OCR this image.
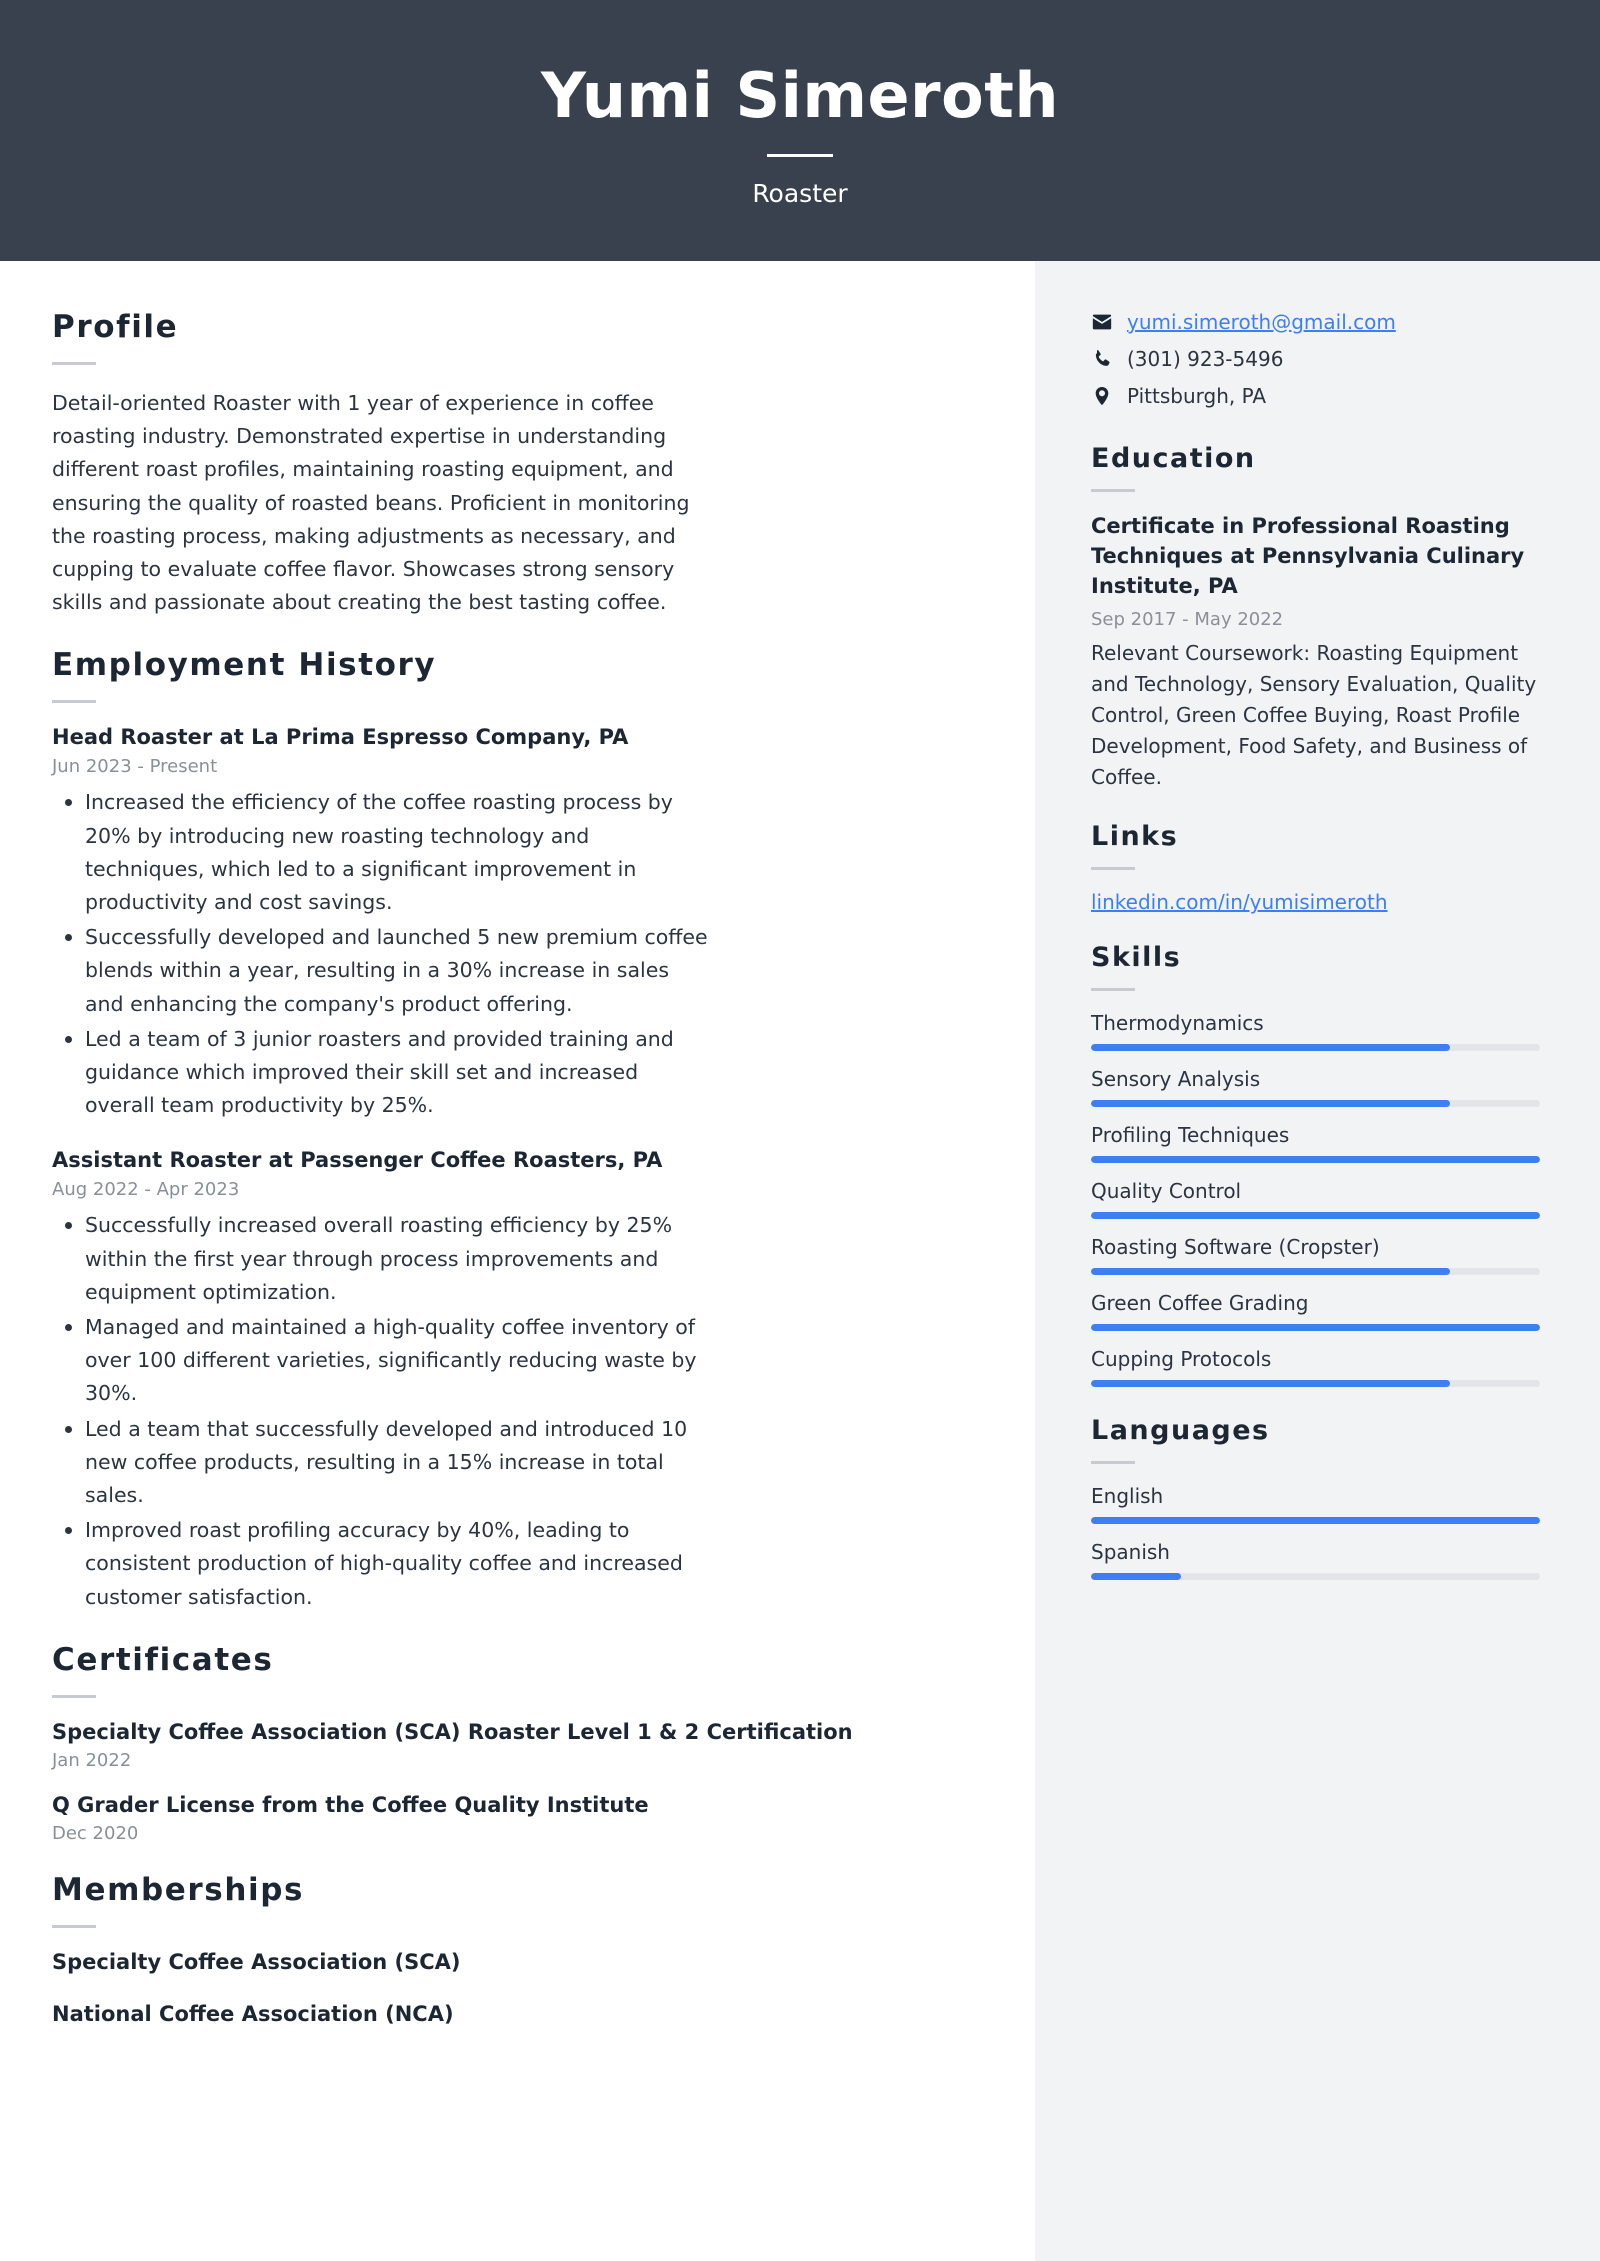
Yumi Simeroth
Roaster
Profile
Detail-oriented Roaster with 1 year of experience in coffee roasting industry. Demonstrated expertise in understanding different roast profiles, maintaining roasting equipment, and ensuring the quality of roasted beans. Proficient in monitoring the roasting process, making adjustments as necessary, and cupping to evaluate coffee flavor. Showcases strong sensory skills and passionate about creating the best tasting coffee.
Employment History
Head Roaster at La Prima Espresso Company, PA
Jun 2023 - Present
Increased the efficiency of the coffee roasting process by 20% by introducing new roasting technology and techniques, which led to a significant improvement in productivity and cost savings.
Successfully developed and launched 5 new premium coffee blends within a year, resulting in a 30% increase in sales and enhancing the company's product offering.
Led a team of 3 junior roasters and provided training and guidance which improved their skill set and increased overall team productivity by 25%.
Assistant Roaster at Passenger Coffee Roasters, PA
Aug 2022 - Apr 2023
Successfully increased overall roasting efficiency by 25% within the first year through process improvements and equipment optimization.
Managed and maintained a high-quality coffee inventory of over 100 different varieties, significantly reducing waste by 30%.
Led a team that successfully developed and introduced 10 new coffee products, resulting in a 15% increase in total sales.
Improved roast profiling accuracy by 40%, leading to consistent production of high-quality coffee and increased customer satisfaction.
Certificates
Specialty Coffee Association (SCA) Roaster Level 1 & 2 Certification
Jan 2022
Q Grader License from the Coffee Quality Institute
Dec 2020
Memberships
Specialty Coffee Association (SCA)
National Coffee Association (NCA)
yumi.simeroth@gmail.com
(301) 923-5496
Pittsburgh, PA
Education
Certificate in Professional Roasting Techniques at Pennsylvania Culinary Institute, PA
Sep 2017 - May 2022
Relevant Coursework: Roasting Equipment and Technology, Sensory Evaluation, Quality Control, Green Coffee Buying, Roast Profile Development, Food Safety, and Business of Coffee.
Links
linkedin.com/in/yumisimeroth
Skills
Thermodynamics
Sensory Analysis
Profiling Techniques
Quality Control
Roasting Software (Cropster)
Green Coffee Grading
Cupping Protocols
Languages
English
Spanish
